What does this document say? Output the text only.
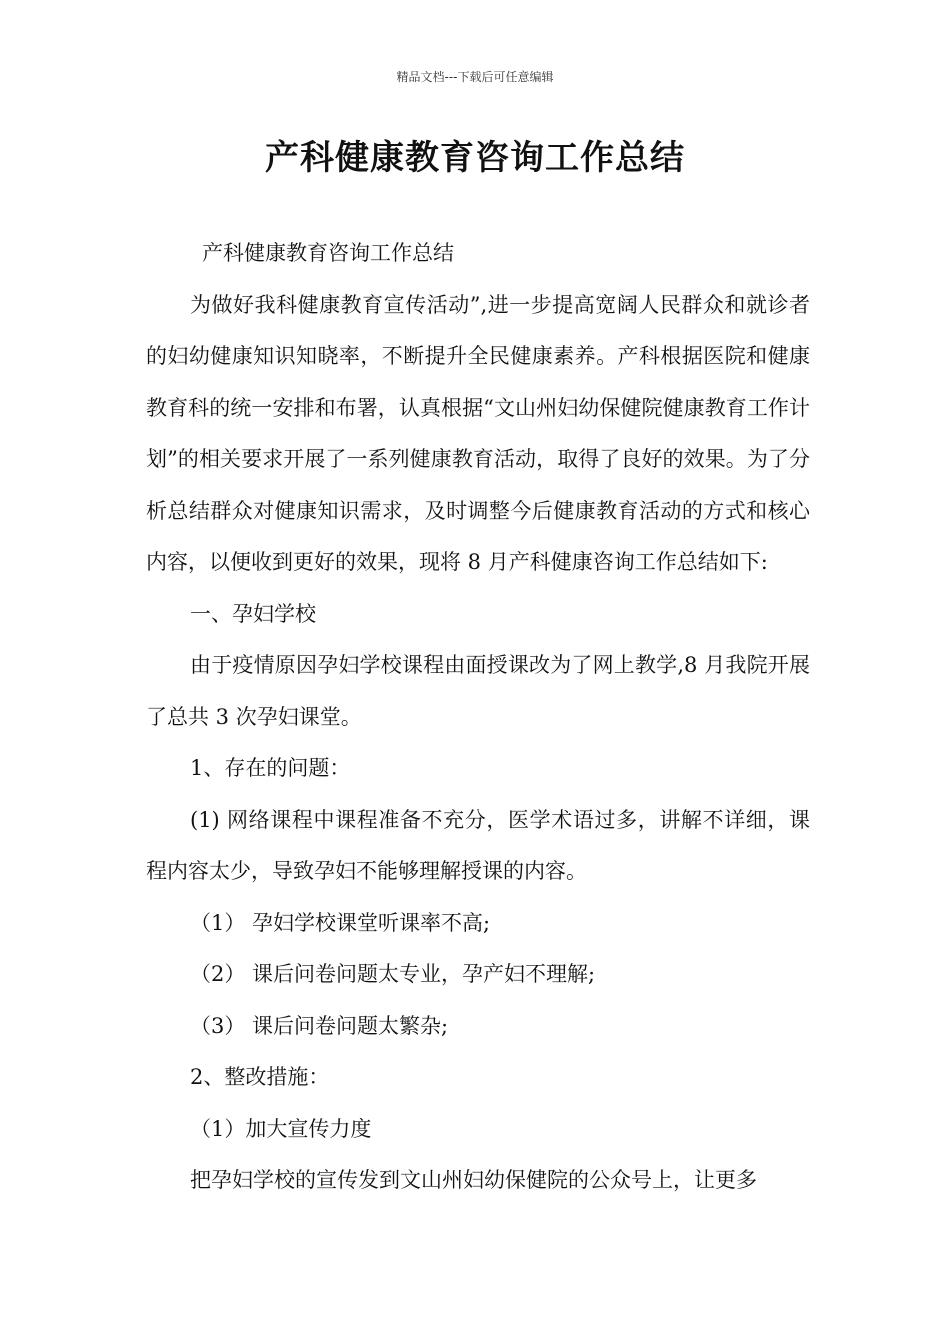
精品文档---下载后可任意编辑
产科健康教育咨询工作总结

产科健康教育咨询工作总结

为做好我科健康教育宣传活动”,进一步提高宽阔人民群众和就诊者的妇幼健康知识知晓率，不断提升全民健康素养。产科根据医院和健康教育科的统一安排和布署，认真根据“文山州妇幼保健院健康教育工作计划”的相关要求开展了一系列健康教育活动，取得了良好的效果。为了分析总结群众对健康知识需求，及时调整今后健康教育活动的方式和核心内容，以便收到更好的效果，现将 8 月产科健康咨询工作总结如下:

一、孕妇学校

由于疫情原因孕妇学校课程由面授课改为了网上教学,8 月我院开展了总共 3 次孕妇课堂。

1、存在的问题：

(1) 网络课程中课程准备不充分，医学术语过多，讲解不详细，课程内容太少，导致孕妇不能够理解授课的内容。

（1） 孕妇学校课堂听课率不高;

（2） 课后问卷问题太专业，孕产妇不理解;

（3） 课后问卷问题太繁杂;

2、整改措施：

（1）加大宣传力度

把孕妇学校的宣传发到文山州妇幼保健院的公众号上，让更多
